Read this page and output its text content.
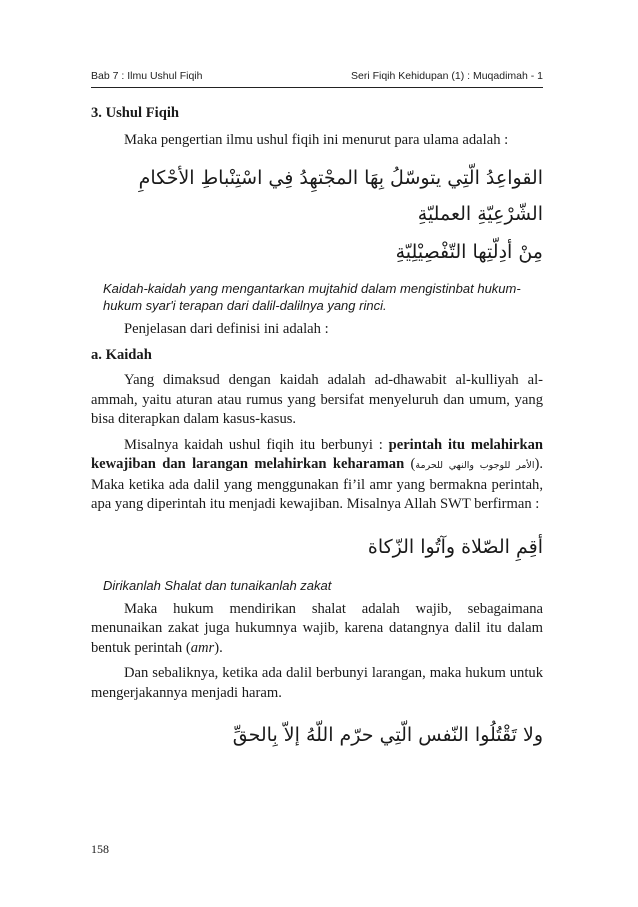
Bab 7 : Ilmu Ushul Fiqih	Seri Fiqih Kehidupan (1) : Muqadimah - 1

3. Ushul Fiqih

Maka pengertian ilmu ushul fiqih ini menurut para ulama adalah :

القواعِدُ الّتِي يتوسّلُ بِهَا المجْتهِدُ فِي اسْتِنْباطِ الأحْكامِ الشّرْعِيّةِ العمليّةِ

مِنْ أدِلّتِها التّفْصِيْلِيّةِ

Kaidah-kaidah yang mengantarkan mujtahid dalam mengistinbat hukum-hukum syar'i terapan dari dalil-dalilnya yang rinci.

Penjelasan dari definisi ini adalah :

a. Kaidah

Yang dimaksud dengan kaidah adalah ad-dhawabit al-kulliyah al-ammah, yaitu aturan atau rumus yang bersifat menyeluruh dan umum, yang bisa diterapkan dalam kasus-kasus.

Misalnya kaidah ushul fiqih itu berbunyi : perintah itu melahirkan kewajiban dan larangan melahirkan keharaman (الأمر للوجوب والنهي للحرمة). Maka ketika ada dalil yang menggunakan fi’il amr yang bermakna perintah, apa yang diperintah itu menjadi kewajiban. Misalnya Allah SWT berfirman :

أقِمِ الصّلاة وآتُوا الزّكاة

Dirikanlah Shalat dan tunaikanlah zakat

Maka hukum mendirikan shalat adalah wajib, sebagaimana menunaikan zakat juga hukumnya wajib, karena datangnya dalil itu dalam bentuk perintah (amr).

Dan sebaliknya, ketika ada dalil berbunyi larangan, maka hukum untuk mengerjakannya menjadi haram.

ولا تَقْتُلُوا النّفس الّتِي حرّم اللّهُ إلاّ بِالحقِّ

158
